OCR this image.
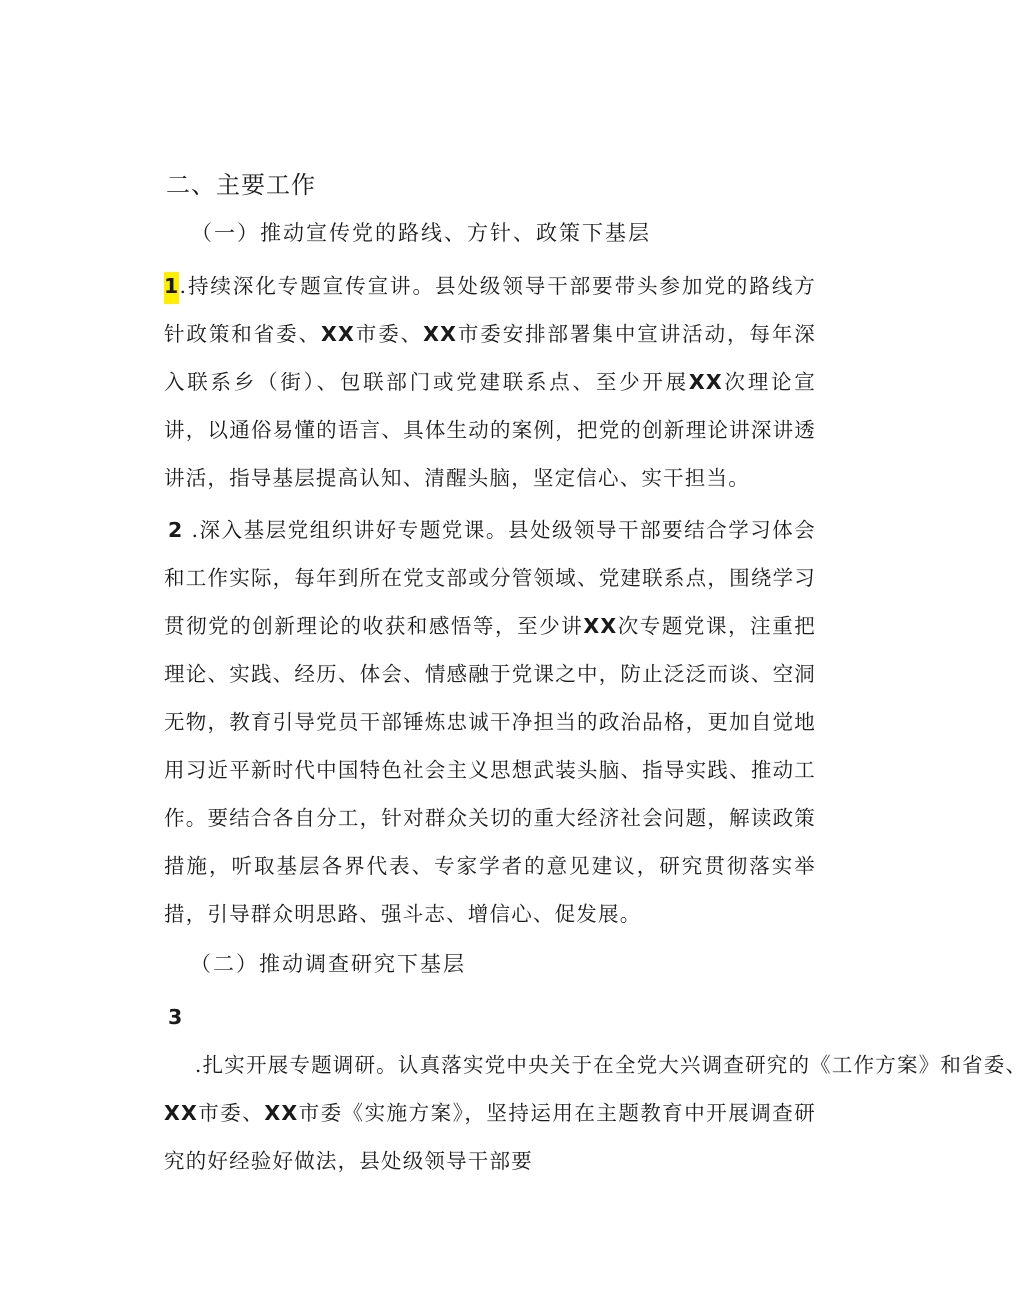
二、主要工作
（一）推动宣传党的路线、方针、政策下基层
1.持续深化专题宣传宣讲。县处级领导干部要带头参加党的路线方针政策和省委、XX市委、XX市委安排部署集中宣讲活动，每年深入联系乡（街）、包联部门或党建联系点、至少开展XX次理论宣讲，以通俗易懂的语言、具体生动的案例，把党的创新理论讲深讲透讲活，指导基层提高认知、清醒头脑，坚定信心、实干担当。
2 .深入基层党组织讲好专题党课。县处级领导干部要结合学习体会和工作实际，每年到所在党支部或分管领域、党建联系点，围绕学习贯彻党的创新理论的收获和感悟等，至少讲XX次专题党课，注重把理论、实践、经历、体会、情感融于党课之中，防止泛泛而谈、空洞无物，教育引导党员干部锤炼忠诚干净担当的政治品格，更加自觉地用习近平新时代中国特色社会主义思想武装头脑、指导实践、推动工作。要结合各自分工，针对群众关切的重大经济社会问题，解读政策措施，听取基层各界代表、专家学者的意见建议，研究贯彻落实举措，引导群众明思路、强斗志、增信心、促发展。
（二）推动调查研究下基层
3    .扎实开展专题调研。认真落实党中央关于在全党大兴调查研究的《工作方案》和省委、XX市委、XX市委《实施方案》，坚持运用在主题教育中开展调查研究的好经验好做法，县处级领导干部要
